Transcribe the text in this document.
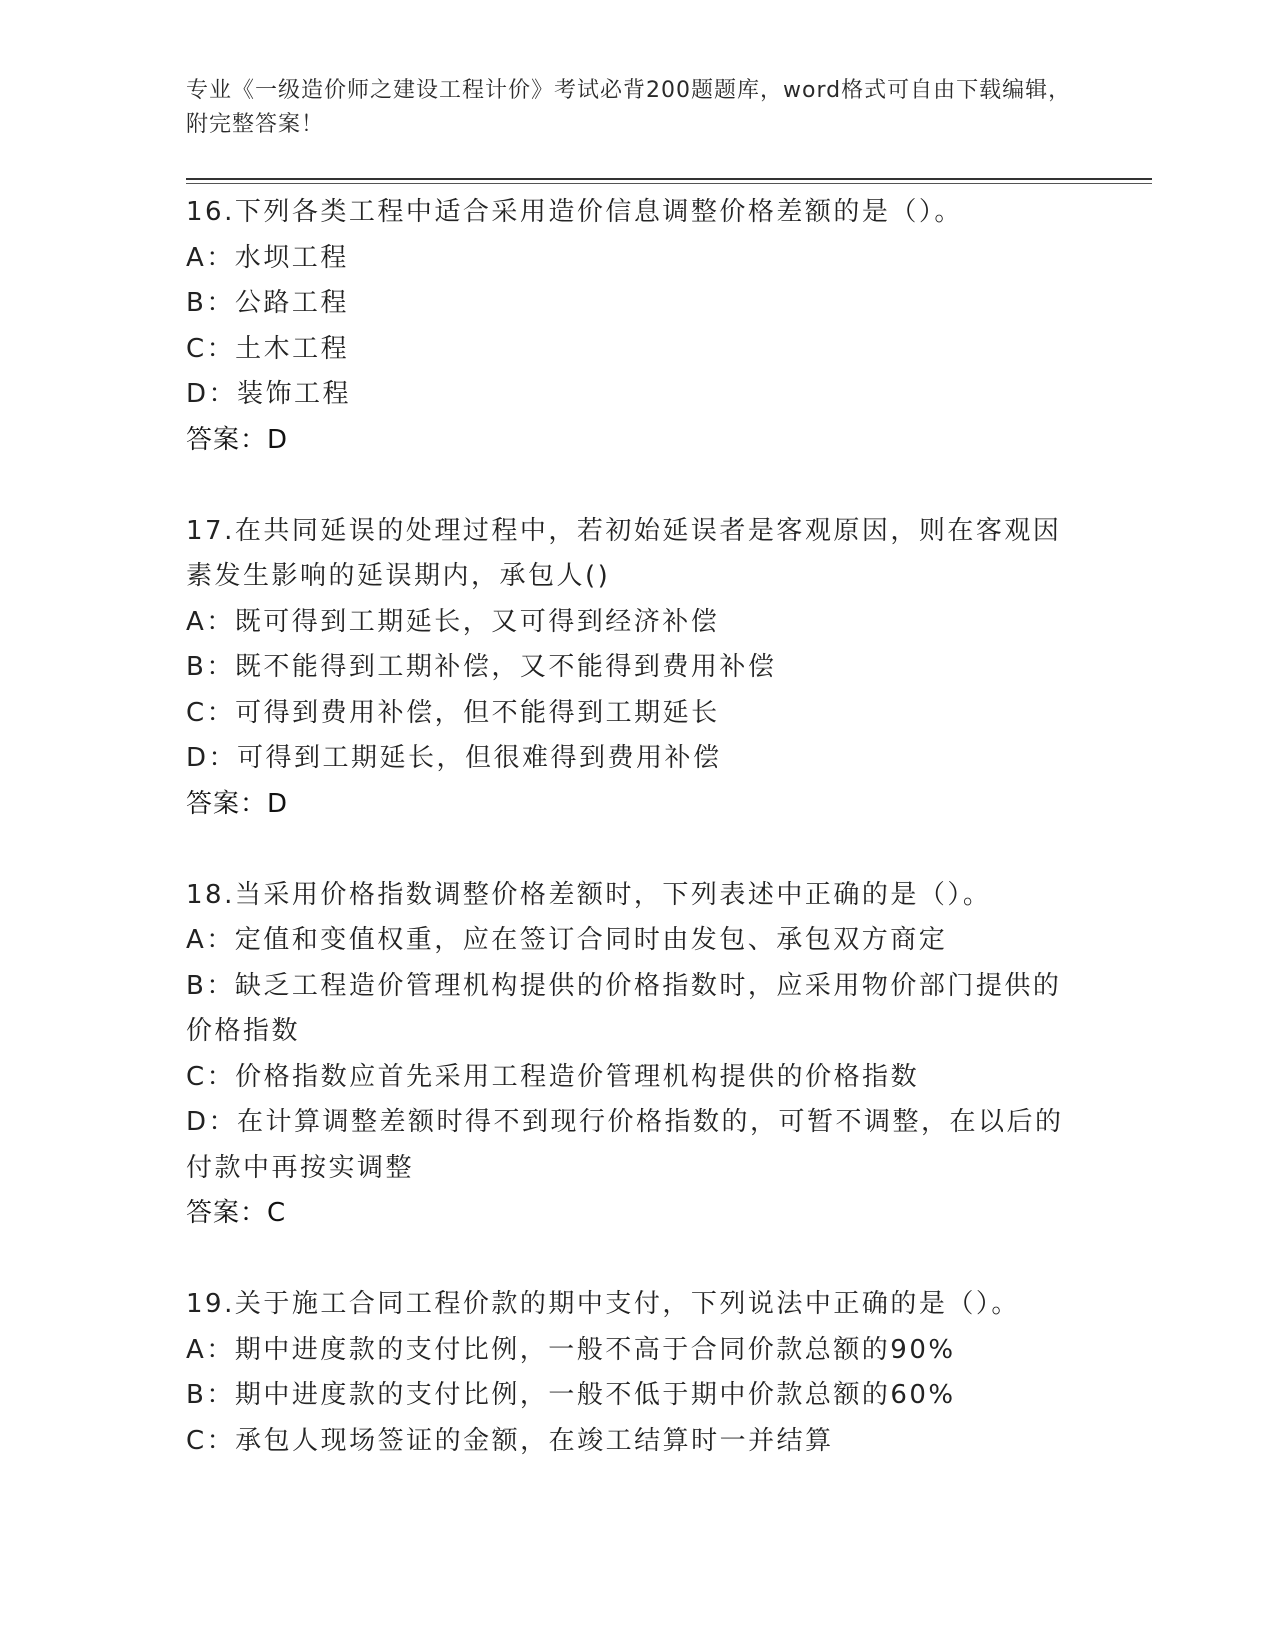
专业《一级造价师之建设工程计价》考试必背200题题库，word格式可自由下载编辑，附完整答案！
16.下列各类工程中适合采用造价信息调整价格差额的是（）。
A：水坝工程
B：公路工程
C：土木工程
D：装饰工程
答案：D
17.在共同延误的处理过程中，若初始延误者是客观原因，则在客观因素发生影响的延误期内，承包人()
A：既可得到工期延长，又可得到经济补偿
B：既不能得到工期补偿，又不能得到费用补偿
C：可得到费用补偿，但不能得到工期延长
D：可得到工期延长，但很难得到费用补偿
答案：D
18.当采用价格指数调整价格差额时，下列表述中正确的是（）。
A：定值和变值权重，应在签订合同时由发包、承包双方商定
B：缺乏工程造价管理机构提供的价格指数时，应采用物价部门提供的价格指数
C：价格指数应首先采用工程造价管理机构提供的价格指数
D：在计算调整差额时得不到现行价格指数的，可暂不调整，在以后的付款中再按实调整
答案：C
19.关于施工合同工程价款的期中支付，下列说法中正确的是（）。
A：期中进度款的支付比例，一般不高于合同价款总额的90%
B：期中进度款的支付比例，一般不低于期中价款总额的60%
C：承包人现场签证的金额，在竣工结算时一并结算
